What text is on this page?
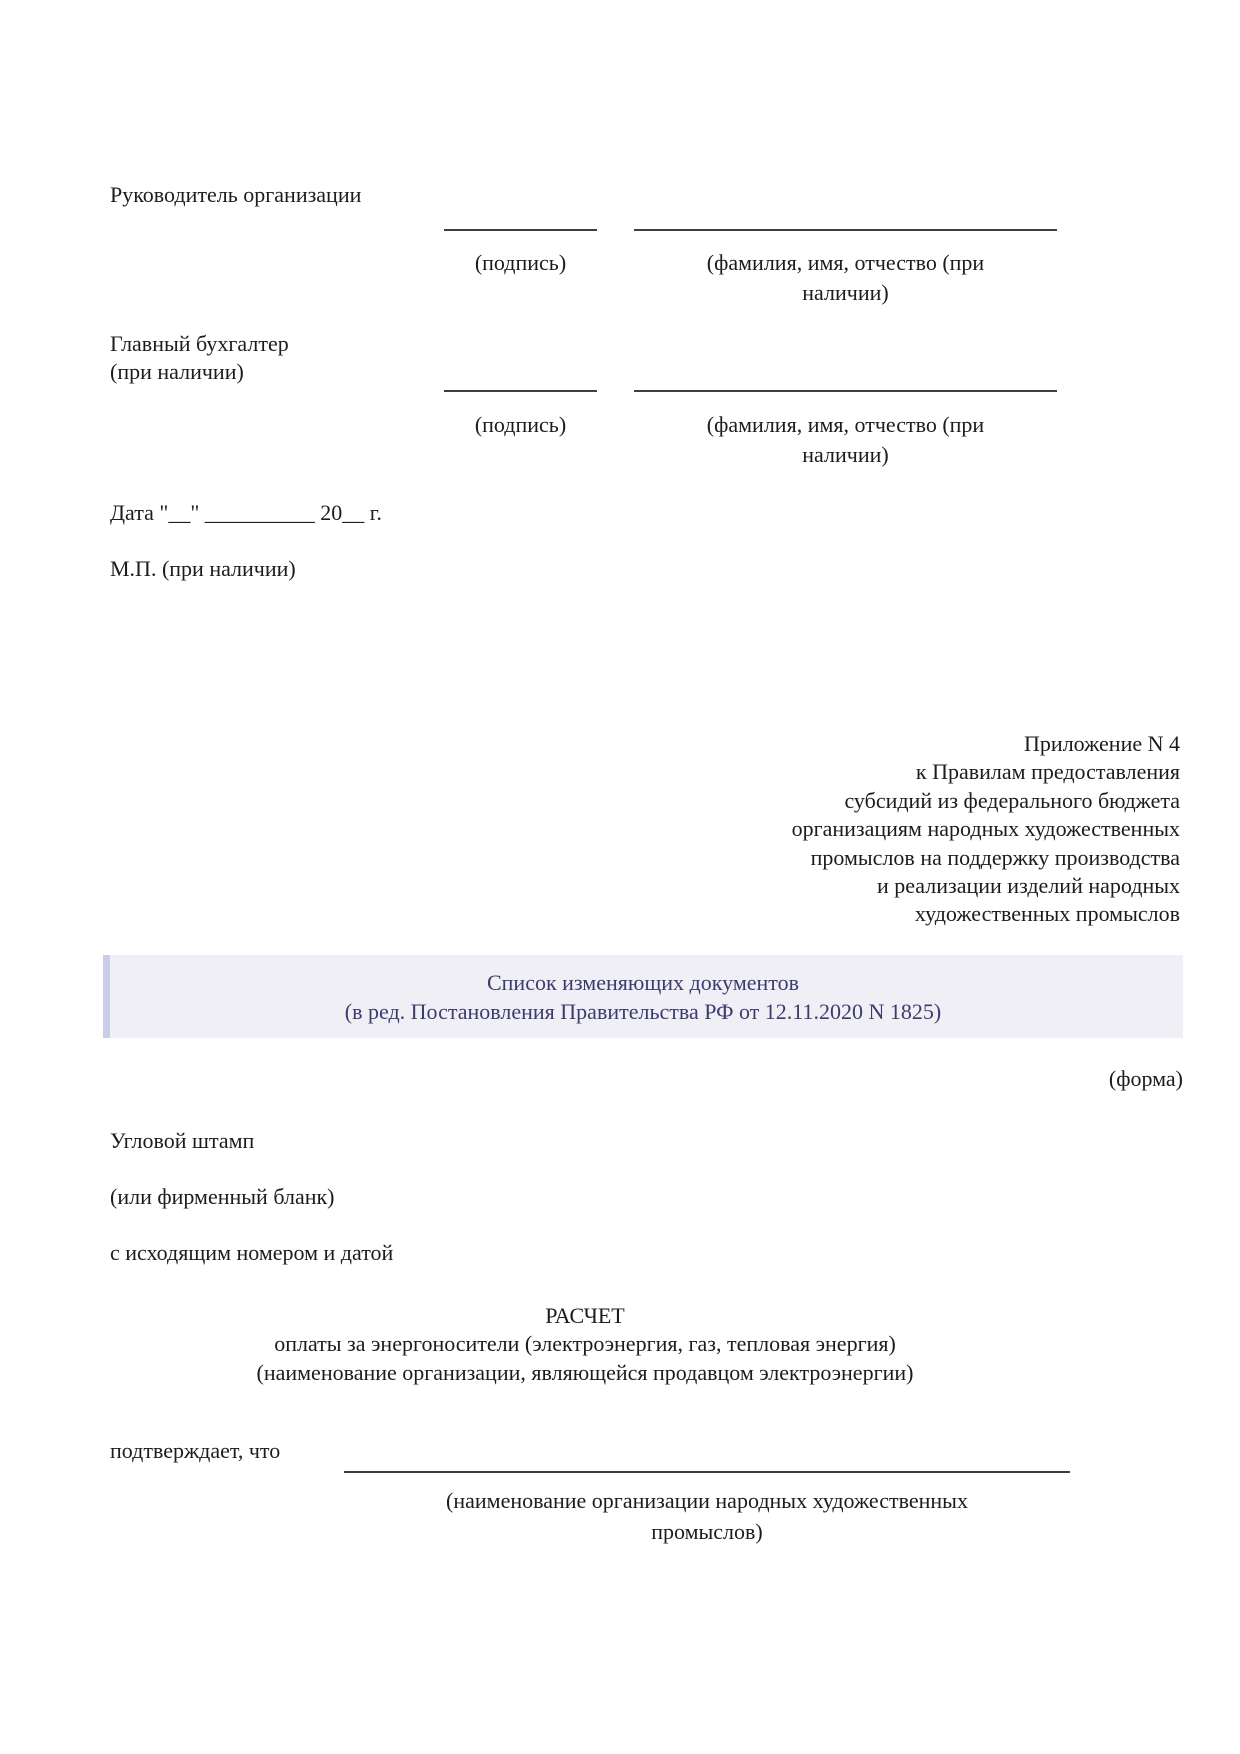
Руководитель организации
(подпись)	(фамилия, имя, отчество (при
наличии)
Главный бухгалтер
(при наличии)
(подпись)	(фамилия, имя, отчество (при
наличии)
Дата "__" __________ 20__ г.
М.П. (при наличии)
Приложение N 4
к Правилам предоставления
субсидий из федерального бюджета
организациям народных художественных
промыслов на поддержку производства
и реализации изделий народных
художественных промыслов
Список изменяющих документов
(в ред. Постановления Правительства РФ от 12.11.2020 N 1825)
(форма)
Угловой штамп
(или фирменный бланк)
с исходящим номером и датой
РАСЧЕТ
оплаты за энергоносители (электроэнергия, газ, тепловая энергия)
(наименование организации, являющейся продавцом электроэнергии)
подтверждает, что
(наименование организации народных художественных
промыслов)
